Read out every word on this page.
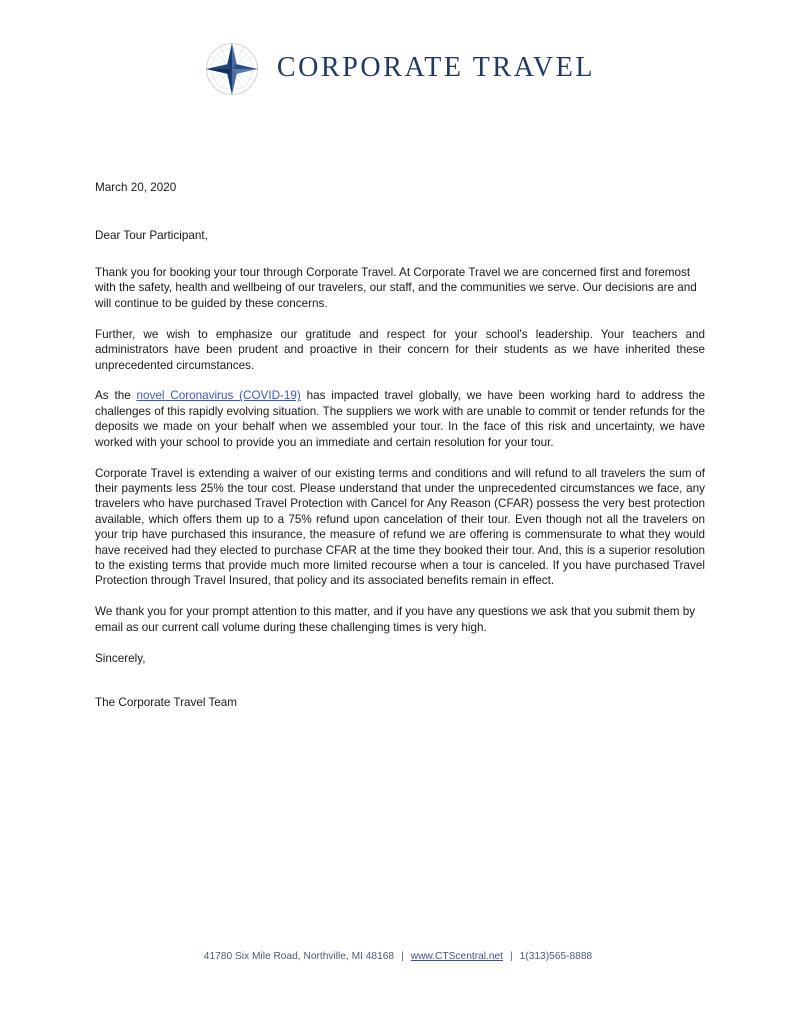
CORPORATE TRAVEL
March 20, 2020
Dear Tour Participant,

Thank you for booking your tour through Corporate Travel. At Corporate Travel we are concerned first and foremost with the safety, health and wellbeing of our travelers, our staff, and the communities we serve. Our decisions are and will continue to be guided by these concerns.

Further, we wish to emphasize our gratitude and respect for your school's leadership. Your teachers and administrators have been prudent and proactive in their concern for their students as we have inherited these unprecedented circumstances.

As the novel Coronavirus (COVID-19) has impacted travel globally, we have been working hard to address the challenges of this rapidly evolving situation. The suppliers we work with are unable to commit or tender refunds for the deposits we made on your behalf when we assembled your tour. In the face of this risk and uncertainty, we have worked with your school to provide you an immediate and certain resolution for your tour.

Corporate Travel is extending a waiver of our existing terms and conditions and will refund to all travelers the sum of their payments less 25% the tour cost. Please understand that under the unprecedented circumstances we face, any travelers who have purchased Travel Protection with Cancel for Any Reason (CFAR) possess the very best protection available, which offers them up to a 75% refund upon cancelation of their tour. Even though not all the travelers on your trip have purchased this insurance, the measure of refund we are offering is commensurate to what they would have received had they elected to purchase CFAR at the time they booked their tour. And, this is a superior resolution to the existing terms that provide much more limited recourse when a tour is canceled. If you have purchased Travel Protection through Travel Insured, that policy and its associated benefits remain in effect.

We thank you for your prompt attention to this matter, and if you have any questions we ask that you submit them by email as our current call volume during these challenging times is very high.

Sincerely,
The Corporate Travel Team
41780 Six Mile Road, Northville, MI 48168 | www.CTScentral.net | 1(313)565-8888
